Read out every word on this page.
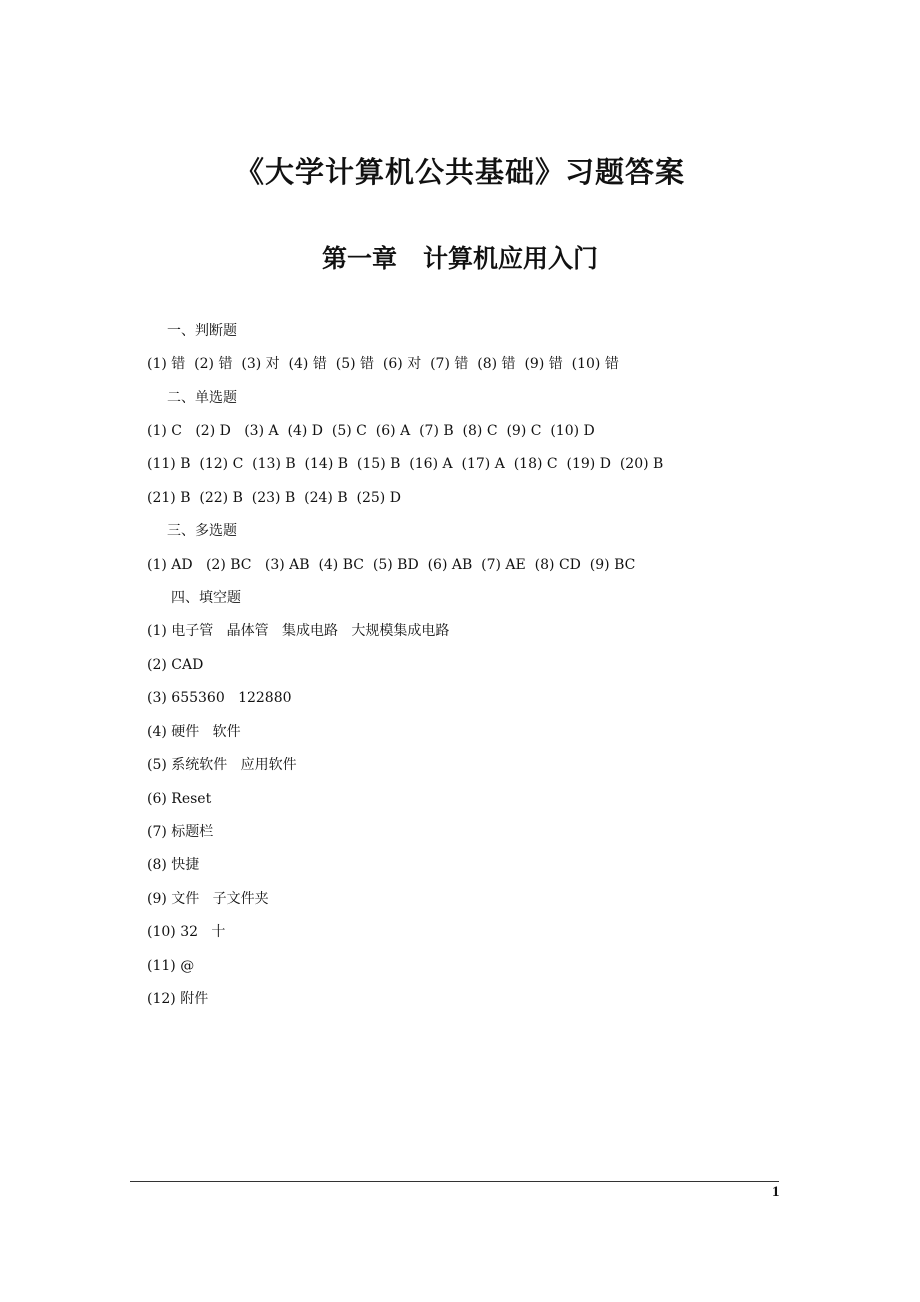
《大学计算机公共基础》习题答案
第一章   计算机应用入门
一、判断题
(1) 错  (2) 错  (3) 对  (4) 错  (5) 错  (6) 对  (7) 错  (8) 错  (9) 错  (10) 错
二、单选题
(1) C   (2) D   (3) A  (4) D  (5) C  (6) A  (7) B  (8) C  (9) C  (10) D
(11) B  (12) C  (13) B  (14) B  (15) B  (16) A  (17) A  (18) C  (19) D  (20) B
(21) B  (22) B  (23) B  (24) B  (25) D
三、多选题
(1) AD   (2) BC   (3) AB  (4) BC  (5) BD  (6) AB  (7) AE  (8) CD  (9) BC
四、填空题
(1) 电子管   晶体管   集成电路   大规模集成电路
(2) CAD
(3) 655360   122880
(4) 硬件   软件
(5) 系统软件   应用软件
(6) Reset
(7) 标题栏
(8) 快捷
(9) 文件   子文件夹
(10) 32   十
(11) @
(12) 附件
1
